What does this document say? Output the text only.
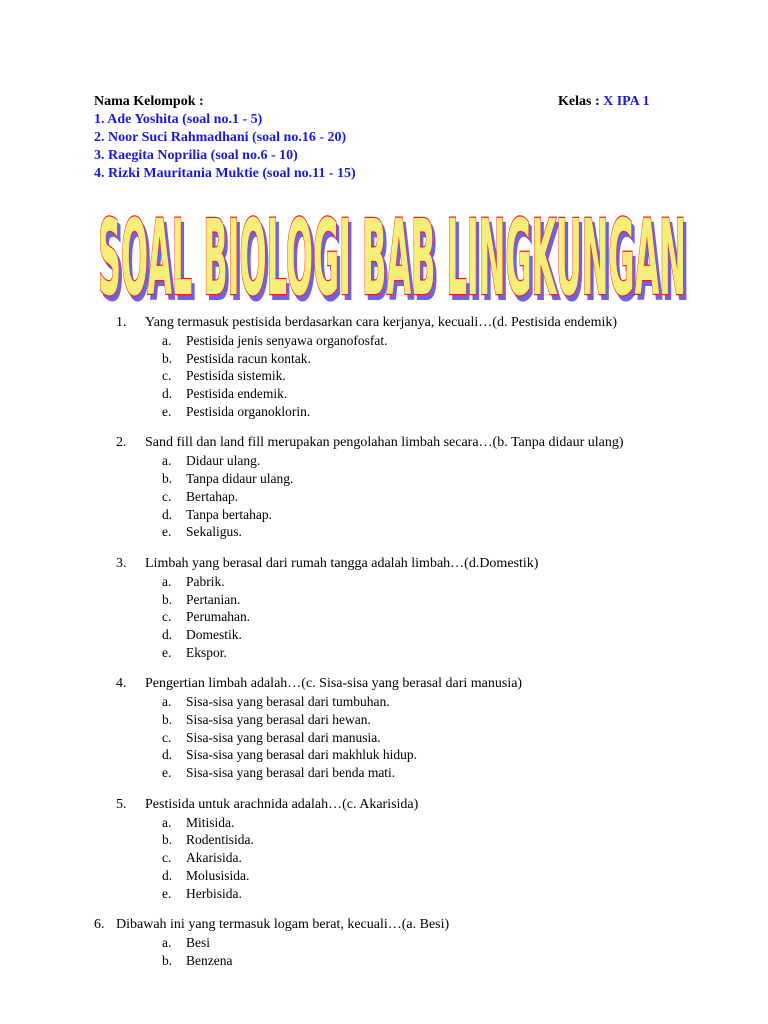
Nama Kelompok :
1. Ade Yoshita (soal no.1 - 5)
2. Noor Suci Rahmadhani (soal no.16 - 20)
3. Raegita Noprilia (soal no.6 - 10)
4. Rizki Mauritania Muktie (soal no.11 - 15)
Kelas : X IPA 1
SOAL BIOLOGI BAB LINGKUNGAN
SOAL BIOLOGI BAB LINGKUNGAN
1. Yang termasuk pestisida berdasarkan cara kerjanya, kecuali…(d. Pestisida endemik)
a. Pestisida jenis senyawa organofosfat.
b. Pestisida racun kontak.
c. Pestisida sistemik.
d. Pestisida endemik.
e. Pestisida organoklorin.
2. Sand fill dan land fill merupakan pengolahan limbah secara…(b. Tanpa didaur ulang)
a. Didaur ulang.
b. Tanpa didaur ulang.
c. Bertahap.
d. Tanpa bertahap.
e. Sekaligus.
3. Limbah yang berasal dari rumah tangga adalah limbah…(d.Domestik)
a. Pabrik.
b. Pertanian.
c. Perumahan.
d. Domestik.
e. Ekspor.
4. Pengertian limbah adalah…(c. Sisa-sisa yang berasal dari manusia)
a. Sisa-sisa yang berasal dari tumbuhan.
b. Sisa-sisa yang berasal dari hewan.
c. Sisa-sisa yang berasal dari manusia.
d. Sisa-sisa yang berasal dari makhluk hidup.
e. Sisa-sisa yang berasal dari benda mati.
5. Pestisida untuk arachnida adalah…(c. Akarisida)
a. Mitisida.
b. Rodentisida.
c. Akarisida.
d. Molusisida.
e. Herbisida.
6. Dibawah ini yang termasuk logam berat, kecuali…(a. Besi)
a. Besi
b. Benzena
